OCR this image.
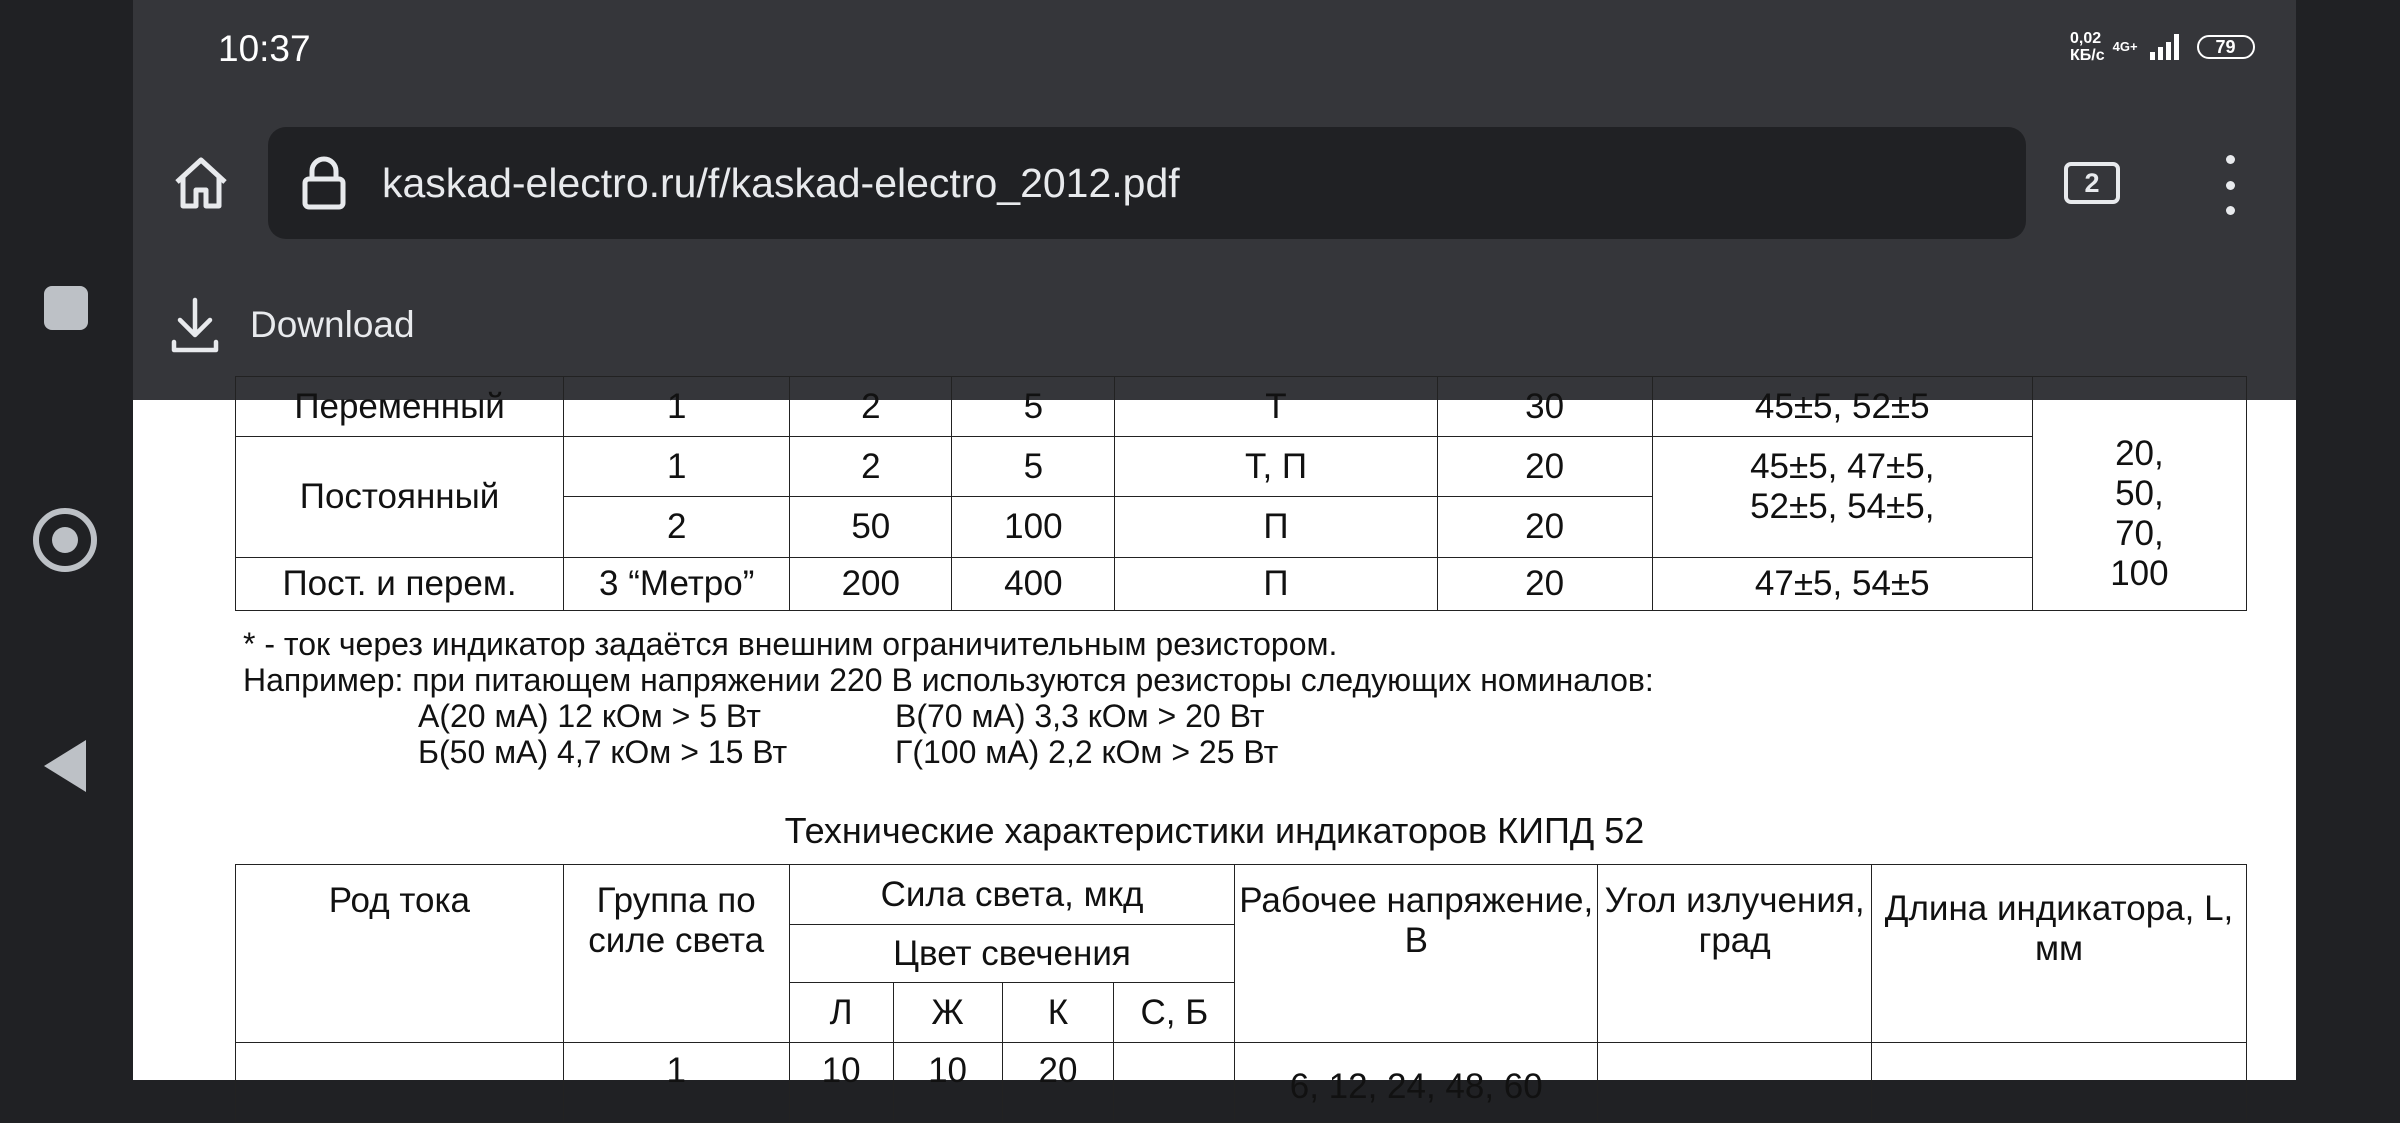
10:37	0,02
КБ/с
4G+	79
kaskad-electro.ru/f/kaskad-electro_2012.pdf	2
Download
Переменный	1	2	5	Т	30	45±5, 52±5	20,
50,
70,
100

Постоянный	1	2	5	Т, П	20	45±5, 47±5,
52±5, 54±5,	

	2	50	100	П	20		
Пост. и перем.	3 “Метро”	200	400	П	20	47±5, 54±5	
* - ток через индикатор задаётся внешним ограничительным резистором.
Например: при питающем напряжении 220 В используются резисторы следующих номиналов:
А(20 мА) 12 кОм > 5 Вт	В(70 мА) 3,3 кОм > 20 Вт
Б(50 мА) 4,7 кОм > 15 Вт	Г(100 мА) 2,2 кОм > 25 Вт
Технические характеристики индикаторов КИПД 52
Род тока	Группа по силе света	Сила света, мкд				Рабочее напряжение, В	Угол излучения, град	Длина индикатора, L, мм
		Цвет свечения						
		Л	Ж	К	С, Б			
	1	10	10	20		6, 12, 24, 48, 60		
